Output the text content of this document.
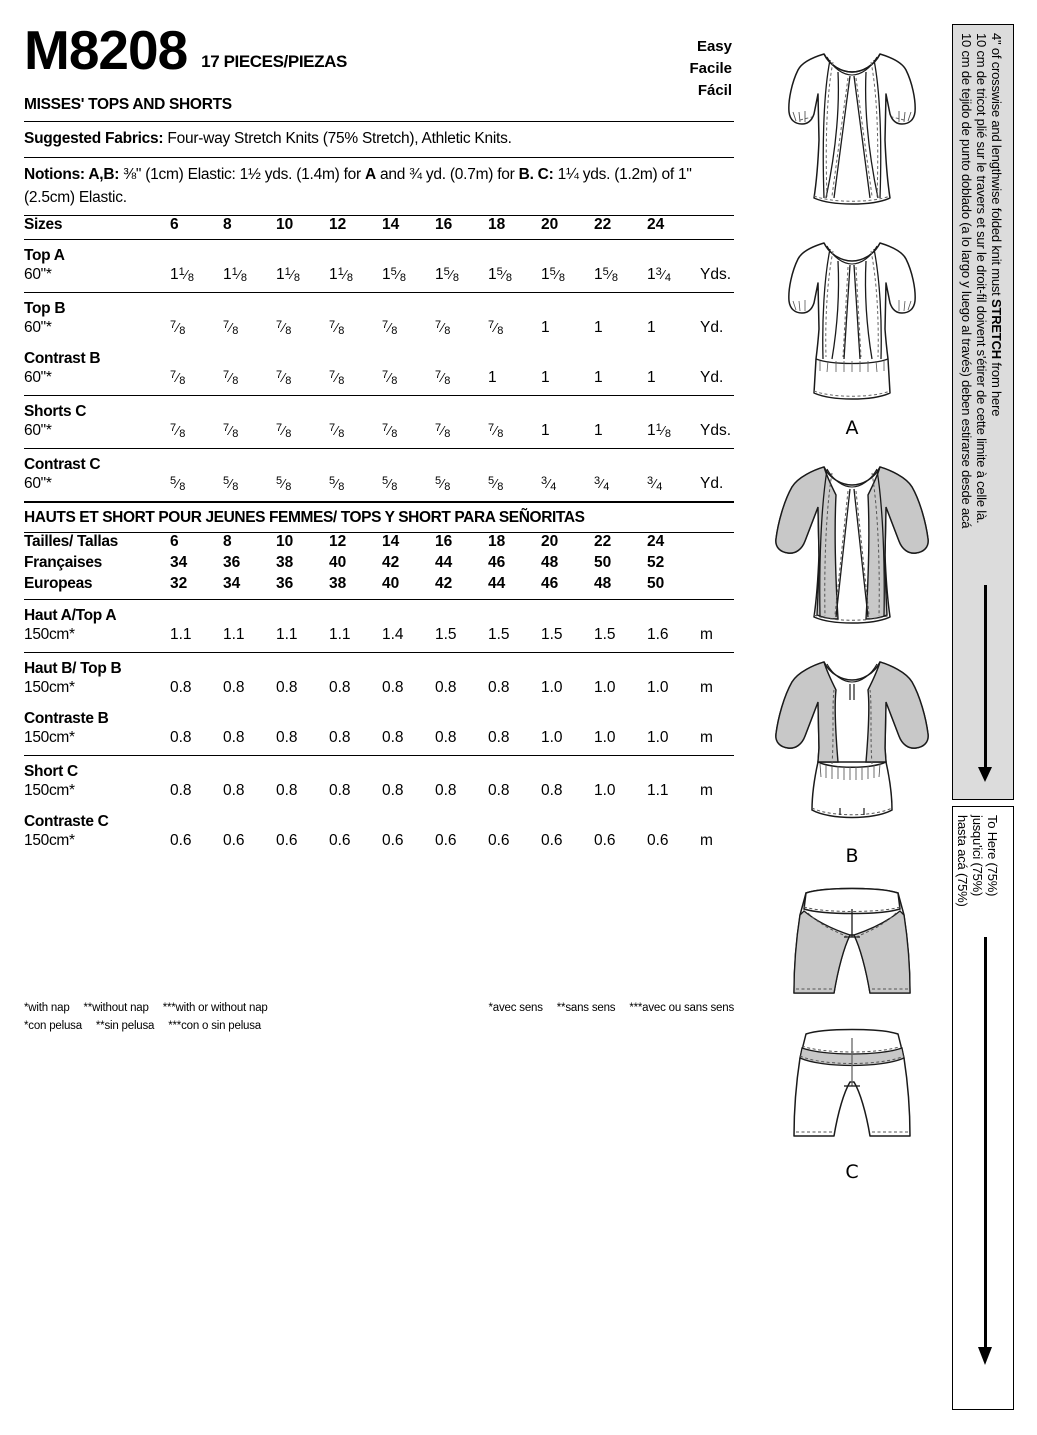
M8208 17 PIECES/PIEZAS
Easy
Facile
Fácil
MISSES' TOPS AND SHORTS
Suggested Fabrics: Four-way Stretch Knits (75% Stretch), Athletic Knits.
Notions: A,B: ⅜" (1cm) Elastic: 1½ yds. (1.4m) for A and ¾ yd. (0.7m) for B. C: 1¼ yds. (1.2m) of 1" (2.5cm) Elastic.
Sizes	6	8	10	12	14	16	18	20	22	24	

Top A											
60"*	11⁄8	11⁄8	11⁄8	11⁄8	15⁄8	15⁄8	15⁄8	15⁄8	15⁄8	13⁄4	Yds.

Top B											
60"*	7⁄8	7⁄8	7⁄8	7⁄8	7⁄8	7⁄8	7⁄8	1	1	1	Yd.
Contrast B											
60"*	7⁄8	7⁄8	7⁄8	7⁄8	7⁄8	7⁄8	1	1	1	1	Yd.

Shorts C											
60"*	7⁄8	7⁄8	7⁄8	7⁄8	7⁄8	7⁄8	7⁄8	1	1	11⁄8	Yds.

Contrast C											
60"*	5⁄8	5⁄8	5⁄8	5⁄8	5⁄8	5⁄8	5⁄8	3⁄4	3⁄4	3⁄4	Yd.

HAUTS ET SHORT POUR JEUNES FEMMES/ TOPS Y SHORT PARA SEÑORITAS
Tailles/ Tallas	6	8	10	12	14	16	18	20	22	24	
Françaises	34	36	38	40	42	44	46	48	50	52	
Europeas	32	34	36	38	40	42	44	46	48	50	

Haut A/Top A											
150cm*	1.1	1.1	1.1	1.1	1.4	1.5	1.5	1.5	1.5	1.6	m

Haut B/ Top B											
150cm*	0.8	0.8	0.8	0.8	0.8	0.8	0.8	1.0	1.0	1.0	m
Contraste B											
150cm*	0.8	0.8	0.8	0.8	0.8	0.8	0.8	1.0	1.0	1.0	m

Short C											
150cm*	0.8	0.8	0.8	0.8	0.8	0.8	0.8	0.8	1.0	1.1	m
Contraste C											
150cm*	0.6	0.6	0.6	0.6	0.6	0.6	0.6	0.6	0.6	0.6	m
*with nap **without nap ***with or without nap	*avec sens **sans sens ***avec ou sans sens
*con pelusa **sin pelusa ***con o sin pelusa
A
B
C
4" of crosswise and lengthwise folded knit must STRETCH from here
10 cm de tricot plié sur le travers et sur le droit-fil doivent s'étirer de cette limite à celle là.
10 cm de tejido de punto doblado (a lo largo y luego al través) deben estirarse desde acá
To Here (75%)
jusqu'ici (75%)
hasta acá (75%)
